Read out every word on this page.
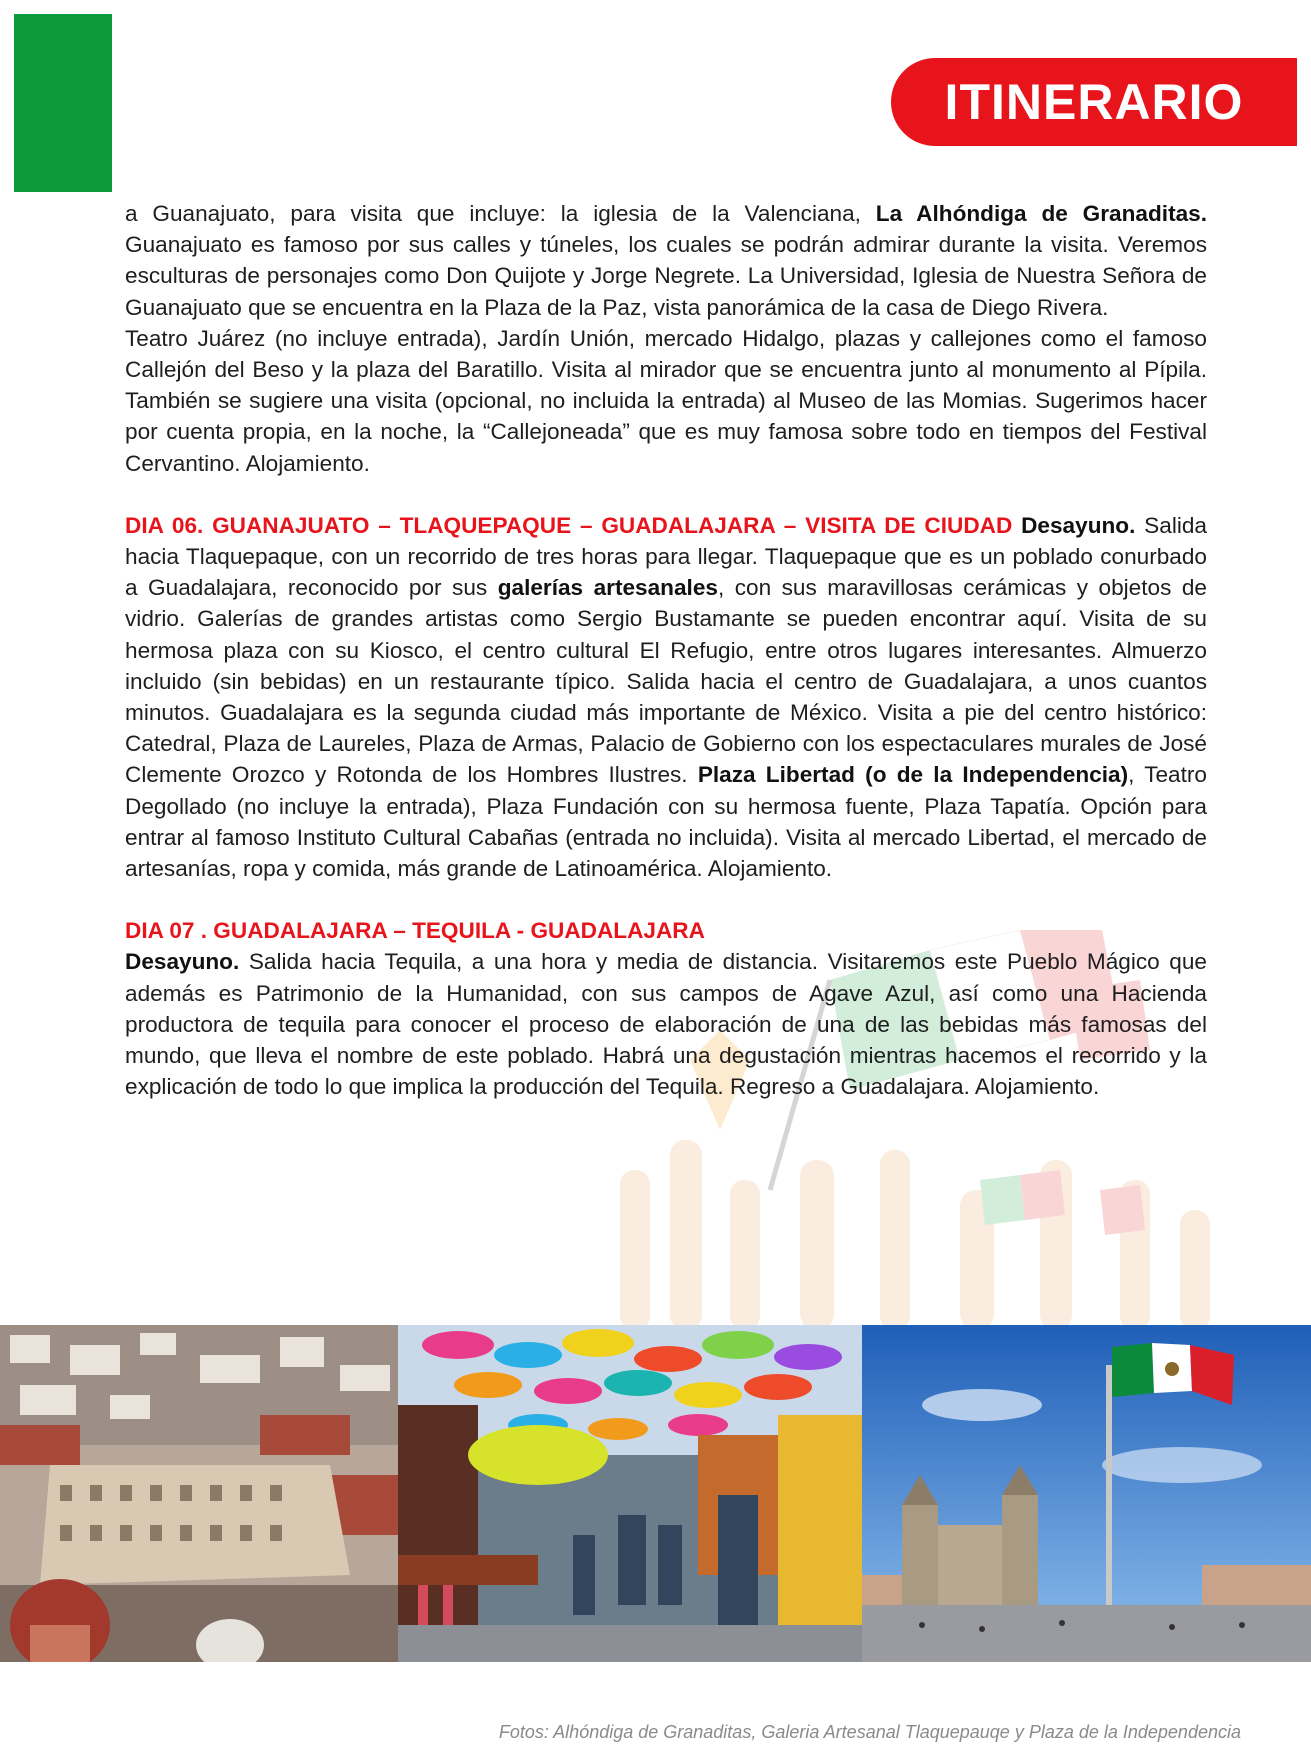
ITINERARIO

a Guanajuato, para visita que incluye: la iglesia de la Valenciana, La Alhóndiga de Granaditas. Guanajuato es famoso por sus calles y túneles, los cuales se podrán admirar durante la visita. Veremos esculturas de personajes como Don Quijote y Jorge Negrete. La Universidad, Iglesia de Nuestra Señora de Guanajuato que se encuentra en la Plaza de la Paz, vista panorámica de la casa de Diego Rivera.

Teatro Juárez (no incluye entrada), Jardín Unión, mercado Hidalgo, plazas y callejones como el famoso Callejón del Beso y la plaza del Baratillo. Visita al mirador que se encuentra junto al monumento al Pípila. También se sugiere una visita (opcional, no incluida la entrada) al Museo de las Momias. Sugerimos hacer por cuenta propia, en la noche, la “Callejoneada” que es muy famosa sobre todo en tiempos del Festival Cervantino. Alojamiento.

DIA 06. GUANAJUATO – TLAQUEPAQUE – GUADALAJARA – VISITA DE CIUDAD Desayuno. Salida hacia Tlaquepaque, con un recorrido de tres horas para llegar. Tlaquepaque que es un poblado conurbado a Guadalajara, reconocido por sus galerías artesanales, con sus maravillosas cerámicas y objetos de vidrio. Galerías de grandes artistas como Sergio Bustamante se pueden encontrar aquí. Visita de su hermosa plaza con su Kiosco, el centro cultural El Refugio, entre otros lugares interesantes. Almuerzo incluido (sin bebidas) en un restaurante típico. Salida hacia el centro de Guadalajara, a unos cuantos minutos. Guadalajara es la segunda ciudad más importante de México. Visita a pie del centro histórico: Catedral, Plaza de Laureles, Plaza de Armas, Palacio de Gobierno con los espectaculares murales de José Clemente Orozco y Rotonda de los Hombres Ilustres. Plaza Libertad (o de la Independencia), Teatro Degollado (no incluye la entrada), Plaza Fundación con su hermosa fuente, Plaza Tapatía. Opción para entrar al famoso Instituto Cultural Cabañas (entrada no incluida). Visita al mercado Libertad, el mercado de artesanías, ropa y comida, más grande de Latinoamérica. Alojamiento.

DIA 07 . GUADALAJARA – TEQUILA - GUADALAJARA

Desayuno. Salida hacia Tequila, a una hora y media de distancia. Visitaremos este Pueblo Mágico que además es Patrimonio de la Humanidad, con sus campos de Agave Azul, así como una Hacienda productora de tequila para conocer el proceso de elaboración de una de las bebidas más famosas del mundo, que lleva el nombre de este poblado. Habrá una degustación mientras hacemos el recorrido y la explicación de todo lo que implica la producción del Tequila. Regreso a Guadalajara. Alojamiento.

Fotos: Alhóndiga de Granaditas, Galeria Artesanal Tlaquepauqe y Plaza de la Independencia
